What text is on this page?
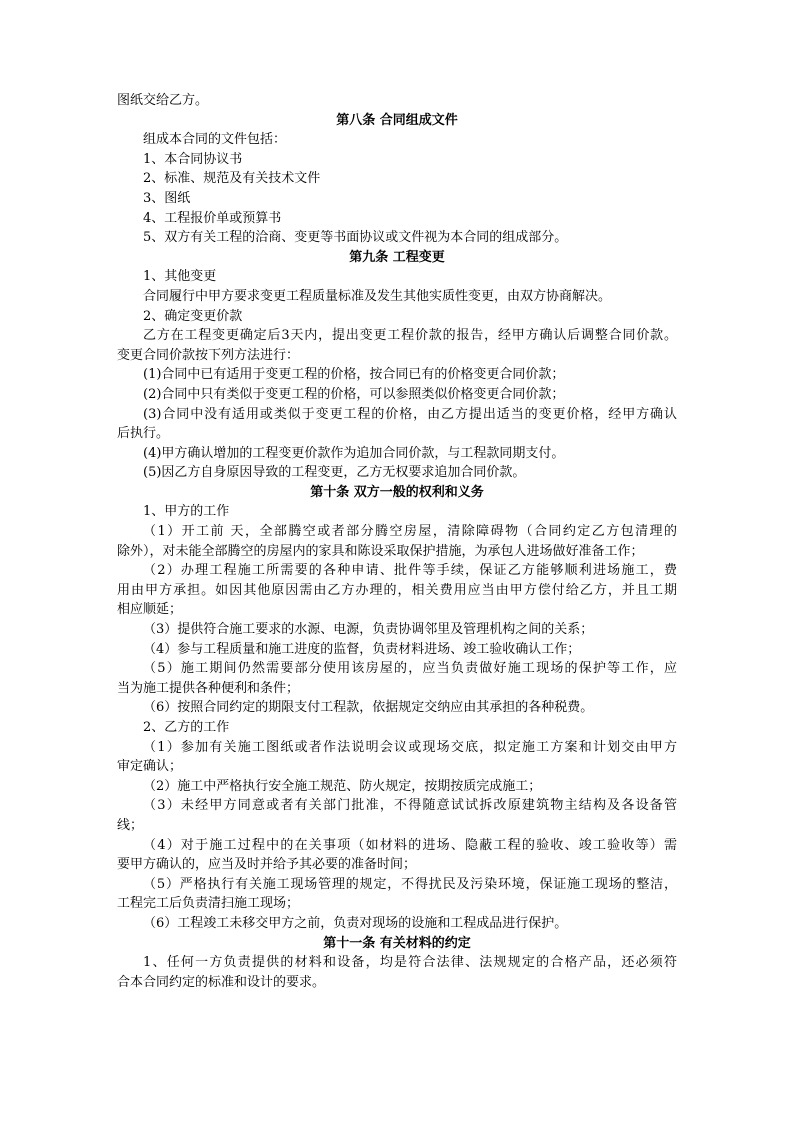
图纸交给乙方。
第八条 合同组成文件
组成本合同的文件包括：
1、本合同协议书
2、标准、规范及有关技术文件
3、图纸
4、工程报价单或预算书
5、双方有关工程的洽商、变更等书面协议或文件视为本合同的组成部分。
第九条 工程变更
1、其他变更
合同履行中甲方要求变更工程质量标准及发生其他实质性变更，由双方协商解决。
2、确定变更价款
乙方在工程变更确定后3天内，提出变更工程价款的报告，经甲方确认后调整合同价款。
变更合同价款按下列方法进行：
(1)合同中已有适用于变更工程的价格，按合同已有的价格变更合同价款；
(2)合同中只有类似于变更工程的价格，可以参照类似价格变更合同价款；
(3)合同中没有适用或类似于变更工程的价格，由乙方提出适当的变更价格，经甲方确认
后执行。
(4)甲方确认增加的工程变更价款作为追加合同价款，与工程款同期支付。
(5)因乙方自身原因导致的工程变更，乙方无权要求追加合同价款。
第十条 双方一般的权利和义务
1、甲方的工作
（1）开工前 天，全部腾空或者部分腾空房屋，清除障碍物（合同约定乙方包清理的
除外），对未能全部腾空的房屋内的家具和陈设采取保护措施，为承包人进场做好准备工作；
（2）办理工程施工所需要的各种申请、批件等手续，保证乙方能够顺利进场施工，费
用由甲方承担。如因其他原因需由乙方办理的，相关费用应当由甲方偿付给乙方，并且工期
相应顺延；
（3）提供符合施工要求的水源、电源，负责协调邻里及管理机构之间的关系；
（4）参与工程质量和施工进度的监督，负责材料进场、竣工验收确认工作；
（5）施工期间仍然需要部分使用该房屋的，应当负责做好施工现场的保护等工作，应
当为施工提供各种便利和条件；
（6）按照合同约定的期限支付工程款，依据规定交纳应由其承担的各种税费。
2、乙方的工作
（1）参加有关施工图纸或者作法说明会议或现场交底，拟定施工方案和计划交由甲方
审定确认；
（2）施工中严格执行安全施工规范、防火规定，按期按质完成施工；
（3）未经甲方同意或者有关部门批准，不得随意试试拆改原建筑物主结构及各设备管
线；
（4）对于施工过程中的在关事项（如材料的进场、隐蔽工程的验收、竣工验收等）需
要甲方确认的，应当及时并给予其必要的准备时间；
（5）严格执行有关施工现场管理的规定，不得扰民及污染环境，保证施工现场的整洁，
工程完工后负责清扫施工现场；
（6）工程竣工未移交甲方之前，负责对现场的设施和工程成品进行保护。
第十一条 有关材料的约定
1、任何一方负责提供的材料和设备，均是符合法律、法规规定的合格产品，还必须符
合本合同约定的标准和设计的要求。
